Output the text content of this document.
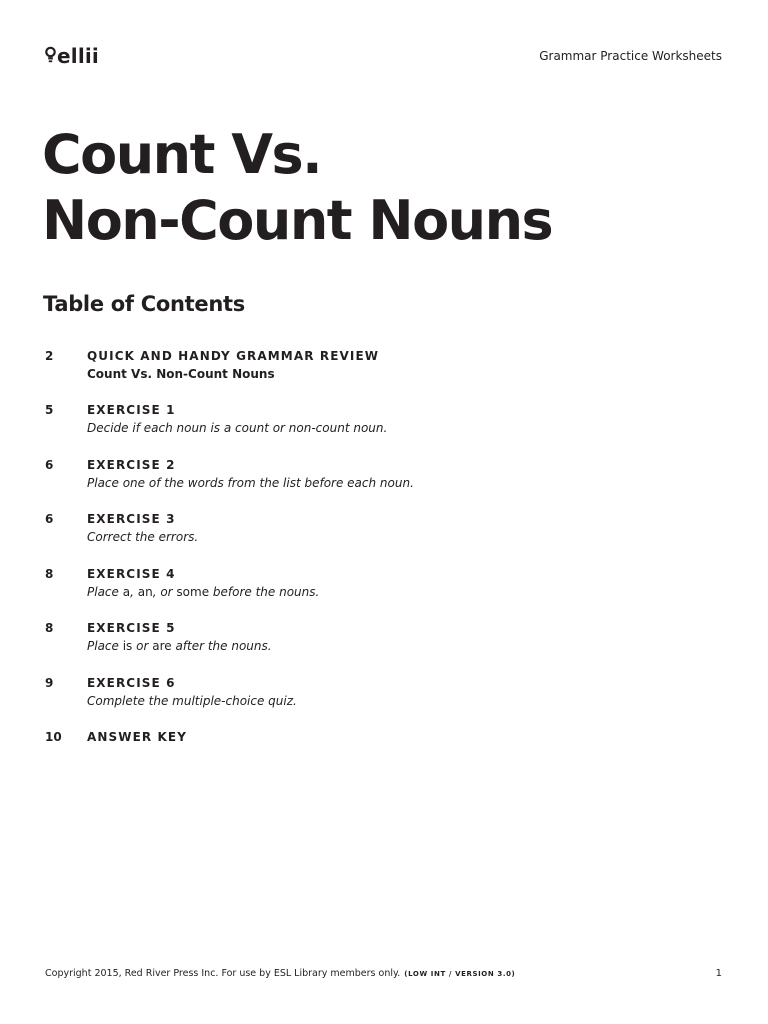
ellii	Grammar Practice Worksheets
Count Vs.
Non-Count Nouns
Table of Contents
2	QUICK AND HANDY GRAMMAR REVIEW
Count Vs. Non-Count Nouns
5	EXERCISE 1
Decide if each noun is a count or non-count noun.
6	EXERCISE 2
Place one of the words from the list before each noun.
6	EXERCISE 3
Correct the errors.
8	EXERCISE 4
Place a, an, or some before the nouns.
8	EXERCISE 5
Place is or are after the nouns.
9	EXERCISE 6
Complete the multiple-choice quiz.
10 ANSWER KEY
Copyright 2015, Red River Press Inc. For use by ESL Library members only. (LOW INT / VERSION 3.0)	1
